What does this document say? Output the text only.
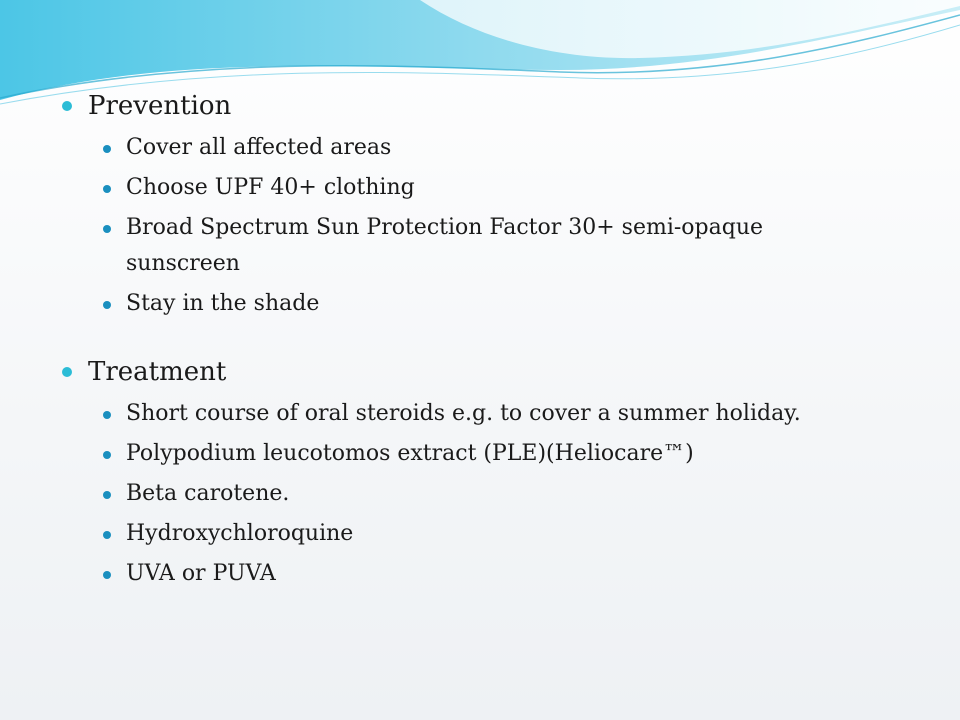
Prevention
Cover all affected areas
Choose UPF 40+ clothing
Broad Spectrum Sun Protection Factor 30+ semi-opaque sunscreen
Stay in the shade
Treatment
Short course of oral steroids e.g. to cover a summer holiday.
Polypodium leucotomos extract (PLE)(Heliocare™)
Beta carotene.
Hydroxychloroquine
UVA or PUVA
